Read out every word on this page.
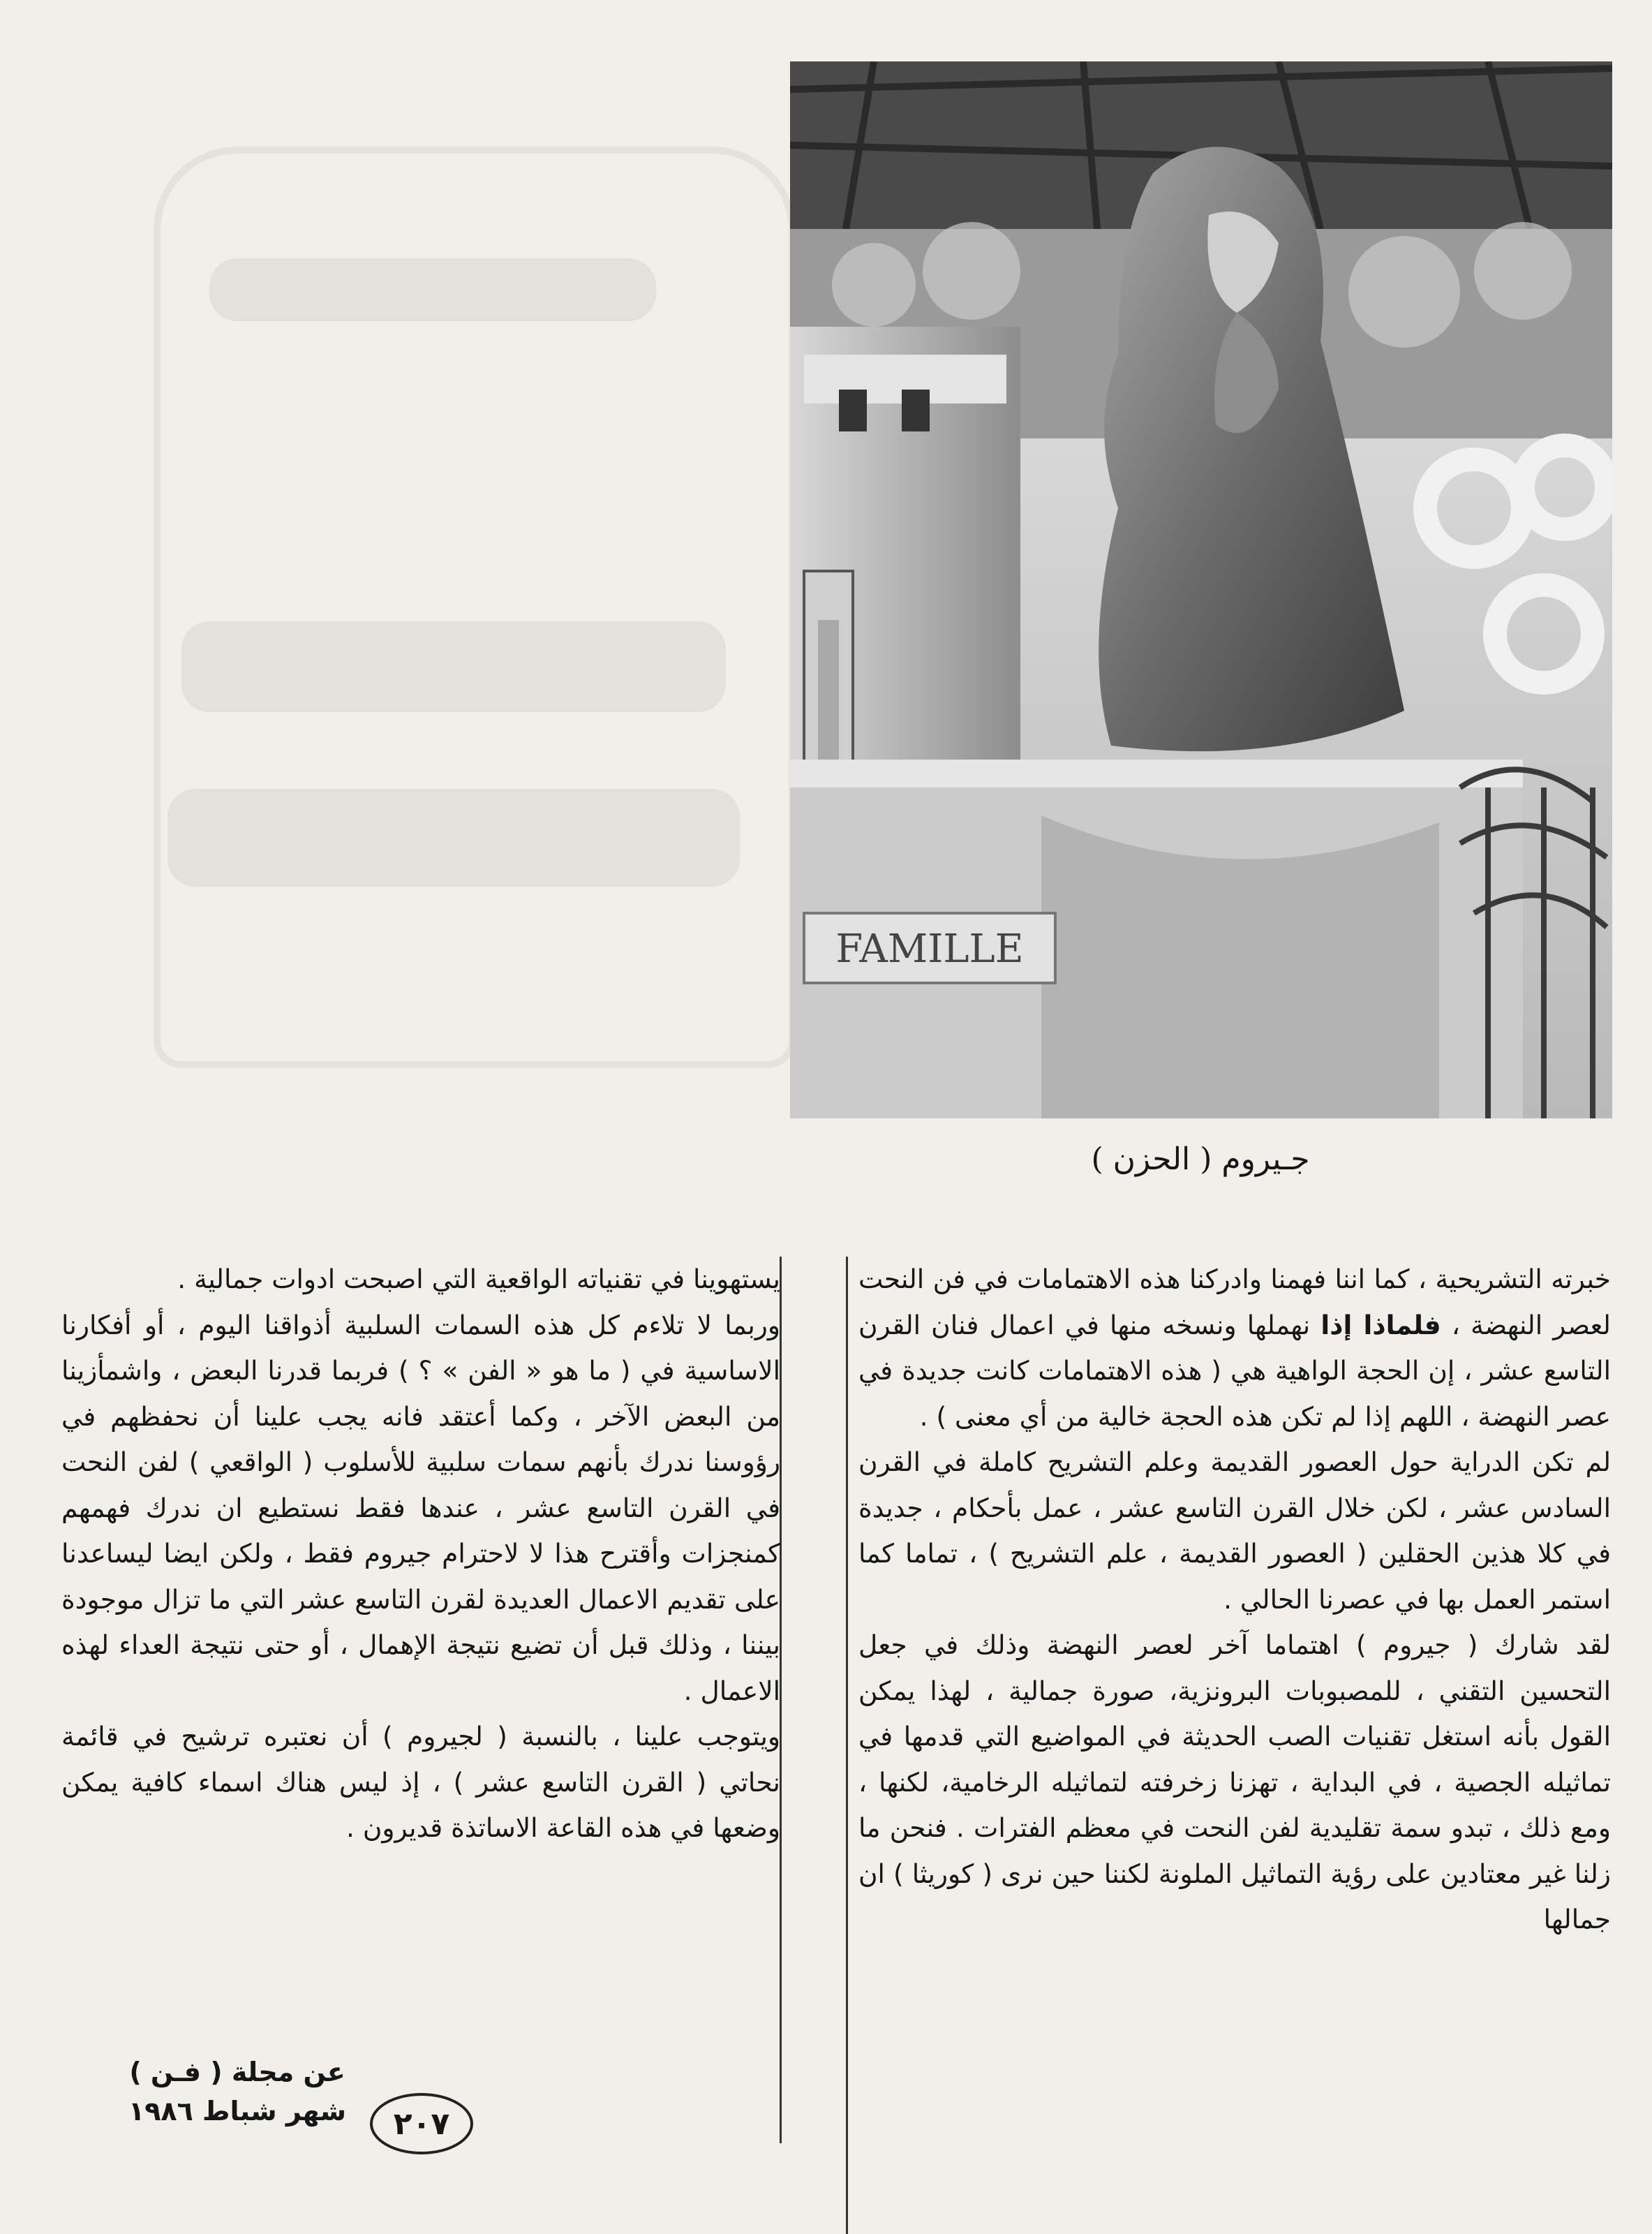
FAMILLE
جـيروم ( الحزن )

خبرته التشريحية ، كما اننا فهمنا وادركنا هذه الاهتمامات في فن النحت لعصر النهضة ، فلماذا إذا نهملها ونسخه منها في اعمال فنان القرن التاسع عشر ، إن الحجة الواهية هي ( هذه الاهتمامات كانت جديدة في عصر النهضة ، اللهم إذا لم تكن هذه الحجة خالية من أي معنى ) .

لم تكن الدراية حول العصور القديمة وعلم التشريح كاملة في القرن السادس عشر ، لكن خلال القرن التاسع عشر ، عمل بأحكام ، جديدة في كلا هذين الحقلين ( العصور القديمة ، علم التشريح ) ، تماما كما استمر العمل بها في عصرنا الحالي .

لقد شارك ( جيروم ) اهتماما آخر لعصر النهضة وذلك في جعل التحسين التقني ، للمصبوبات البرونزية، صورة جمالية ، لهذا يمكن القول بأنه استغل تقنيات الصب الحديثة في المواضيع التي قدمها في تماثيله الجصية ، في البداية ، تهزنا زخرفته لتماثيله الرخامية، لكنها ، ومع ذلك ، تبدو سمة تقليدية لفن النحت في معظم الفترات . فنحن ما زلنا غير معتادين على رؤية التماثيل الملونة لكننا حين نرى ( كوريثا ) ان جمالها

يستهوينا في تقنياته الواقعية التي اصبحت ادوات جمالية .

وربما لا تلاءم كل هذه السمات السلبية أذواقنا اليوم ، أو أفكارنا الاساسية في ( ما هو « الفن » ؟ ) فربما قدرنا البعض ، واشمأزينا من البعض الآخر ، وكما أعتقد فانه يجب علينا أن نحفظهم في رؤوسنا ندرك بأنهم سمات سلبية للأسلوب ( الواقعي ) لفن النحت في القرن التاسع عشر ، عندها فقط نستطيع ان ندرك فهمهم كمنجزات وأقترح هذا لا لاحترام جيروم فقط ، ولكن ايضا ليساعدنا على تقديم الاعمال العديدة لقرن التاسع عشر التي ما تزال موجودة بيننا ، وذلك قبل أن تضيع نتيجة الإهمال ، أو حتى نتيجة العداء لهذه الاعمال .

ويتوجب علينا ، بالنسبة ( لجيروم ) أن نعتبره ترشيح في قائمة نحاتي ( القرن التاسع عشر ) ، إذ ليس هناك اسماء كافية يمكن وضعها في هذه القاعة الاساتذة قديرون .

عن مجلة ( فـن )
شهر شباط ١٩٨٦	٢٠٧
